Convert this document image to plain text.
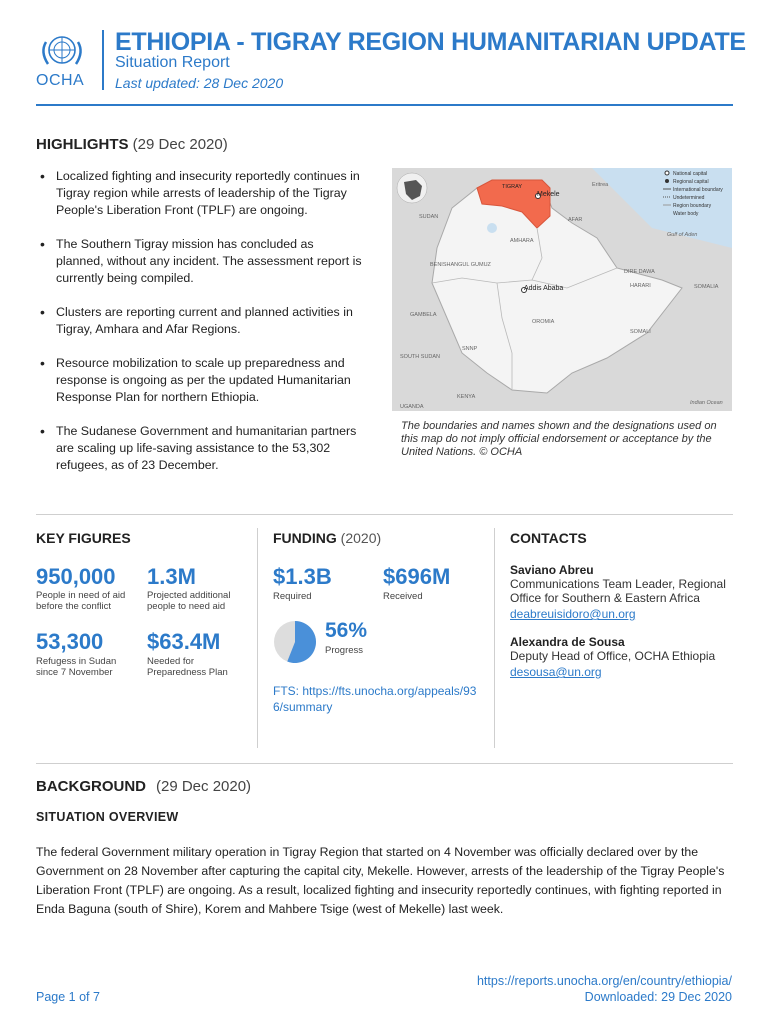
OCHA
ETHIOPIA - TIGRAY REGION HUMANITARIAN UPDATE
Situation Report
Last updated: 28 Dec 2020
HIGHLIGHTS (29 Dec 2020)
• Localized fighting and insecurity reportedly continues in Tigray region while arrests of leadership of the Tigray People's Liberation Front (TPLF) are ongoing.
• The Southern Tigray mission has concluded as planned, without any incident. The assessment report is currently being compiled.
• Clusters are reporting current and planned activities in Tigray, Amhara and Afar Regions.
• Resource mobilization to scale up preparedness and response is ongoing as per the updated Humanitarian Response Plan for northern Ethiopia.
• The Sudanese Government and humanitarian partners are scaling up life-saving assistance to the 53,302 refugees, as of 23 December.
National capital
Regional capital
International boundary
Undetermined
Region boundary
Water body
TIGRAY
Mekele
Eritrea
SUDAN	AFAR
Gulf of Aden
AMHARA
BENISHANGUL GUMUZ
DIRE DAWA
HARARI	SOMALIA
Addis Ababa
GAMBELA
OROMIA
SOMALI
SNNP
SOUTH SUDAN
KENYA
UGANDA
Indian Ocean
The boundaries and names shown and the designations used on this map do not imply official endorsement or acceptance by the United Nations. © OCHA
KEY FIGURES
950,000
People in need of aid before the conflict
1.3M
Projected additional people to need aid
53,300
Refugess in Sudan since 7 November
$63.4M
Needed for Preparedness Plan
FUNDING (2020)
$1.3B
Required
$696M
Received
56%
Progress
FTS: https://fts.unocha.org/appeals/936/summary
CONTACTS
Saviano Abreu
Communications Team Leader, Regional Office for Southern & Eastern Africa
deabreuisidoro@un.org
Alexandra de Sousa
Deputy Head of Office, OCHA Ethiopia
desousa@un.org
BACKGROUND (29 Dec 2020)
SITUATION OVERVIEW
The federal Government military operation in Tigray Region that started on 4 November was officially declared over by the Government on 28 November after capturing the capital city, Mekelle. However, arrests of the leadership of the Tigray People's Liberation Front (TPLF) are ongoing. As a result, localized fighting and insecurity reportedly continues, with fighting reported in Enda Baguna (south of Shire), Korem and Mahbere Tsige (west of Mekelle) last week.
https://reports.unocha.org/en/country/ethiopia/
Downloaded: 29 Dec 2020
Page 1 of 7
